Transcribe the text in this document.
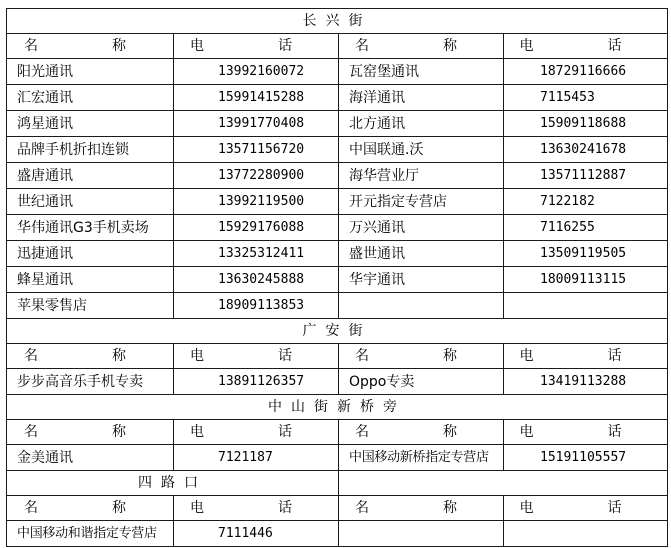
长兴街			
名　称	电　话	名　称	电　话
阳光通讯	13992160072	瓦窑堡通讯	18729116666
汇宏通讯	15991415288	海洋通讯	7115453
鸿星通讯	13991770408	北方通讯	15909118688
品牌手机折扣连锁	13571156720	中国联通.沃	13630241678
盛唐通讯	13772280900	海华营业厅	13571112887
世纪通讯	13992119500	开元指定专营店	7122182
华伟通讯G3手机卖场	15929176088	万兴通讯	7116255
迅捷通讯	13325312411	盛世通讯	13509119505
蜂星通讯	13630245888	华宇通讯	18009113115
苹果零售店	18909113853		
广安街			
名　称	电　话	名　称	电　话
步步高音乐手机专卖	13891126357	Oppo专卖	13419113288
中山街新桥旁			
名　称	电　话	名　称	电　话
金美通讯	7121187	中国移动新桥指定专营店	15191105557
四路口			
名　称	电　话	名　称	电　话
中国移动和谐指定专营店	7111446		
